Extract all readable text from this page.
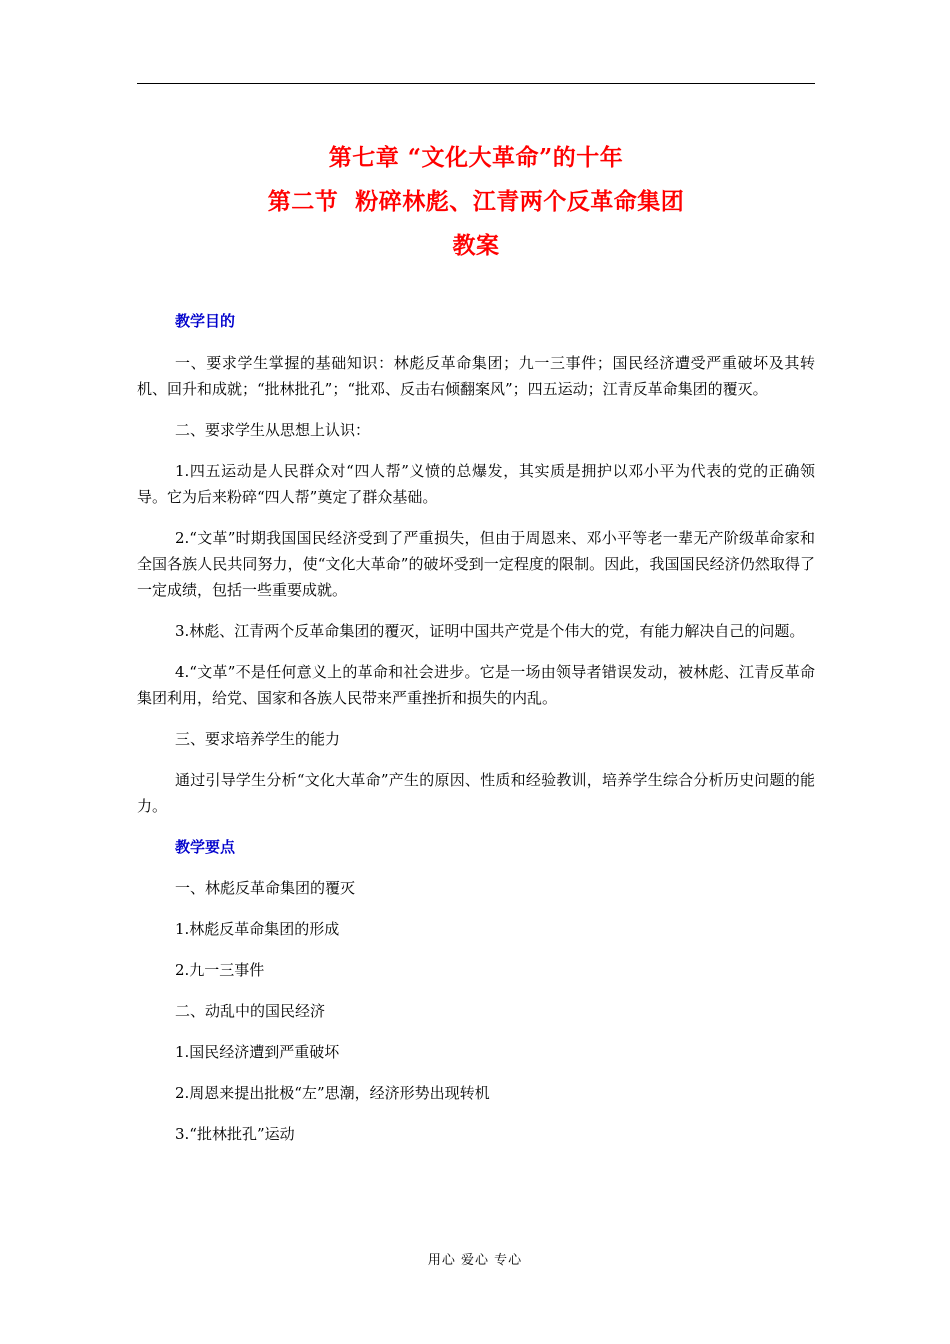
第七章 “文化大革命”的十年
第二节  粉碎林彪、江青两个反革命集团
教案

教学目的

一、要求学生掌握的基础知识：林彪反革命集团；九一三事件；国民经济遭受严重破坏及其转机、回升和成就；“批林批孔”；“批邓、反击右倾翻案风”；四五运动；江青反革命集团的覆灭。

二、要求学生从思想上认识：

1.四五运动是人民群众对“四人帮”义愤的总爆发，其实质是拥护以邓小平为代表的党的正确领导。它为后来粉碎“四人帮”奠定了群众基础。

2.“文革”时期我国国民经济受到了严重损失，但由于周恩来、邓小平等老一辈无产阶级革命家和全国各族人民共同努力，使“文化大革命”的破坏受到一定程度的限制。因此，我国国民经济仍然取得了一定成绩，包括一些重要成就。

3.林彪、江青两个反革命集团的覆灭，证明中国共产党是个伟大的党，有能力解决自己的问题。

4.“文革”不是任何意义上的革命和社会进步。它是一场由领导者错误发动，被林彪、江青反革命集团利用，给党、国家和各族人民带来严重挫折和损失的内乱。

三、要求培养学生的能力

通过引导学生分析“文化大革命”产生的原因、性质和经验教训，培养学生综合分析历史问题的能力。

教学要点

一、林彪反革命集团的覆灭

1.林彪反革命集团的形成

2.九一三事件

二、动乱中的国民经济

1.国民经济遭到严重破坏

2.周恩来提出批极“左”思潮，经济形势出现转机

3.“批林批孔”运动

用心 爱心 专心
